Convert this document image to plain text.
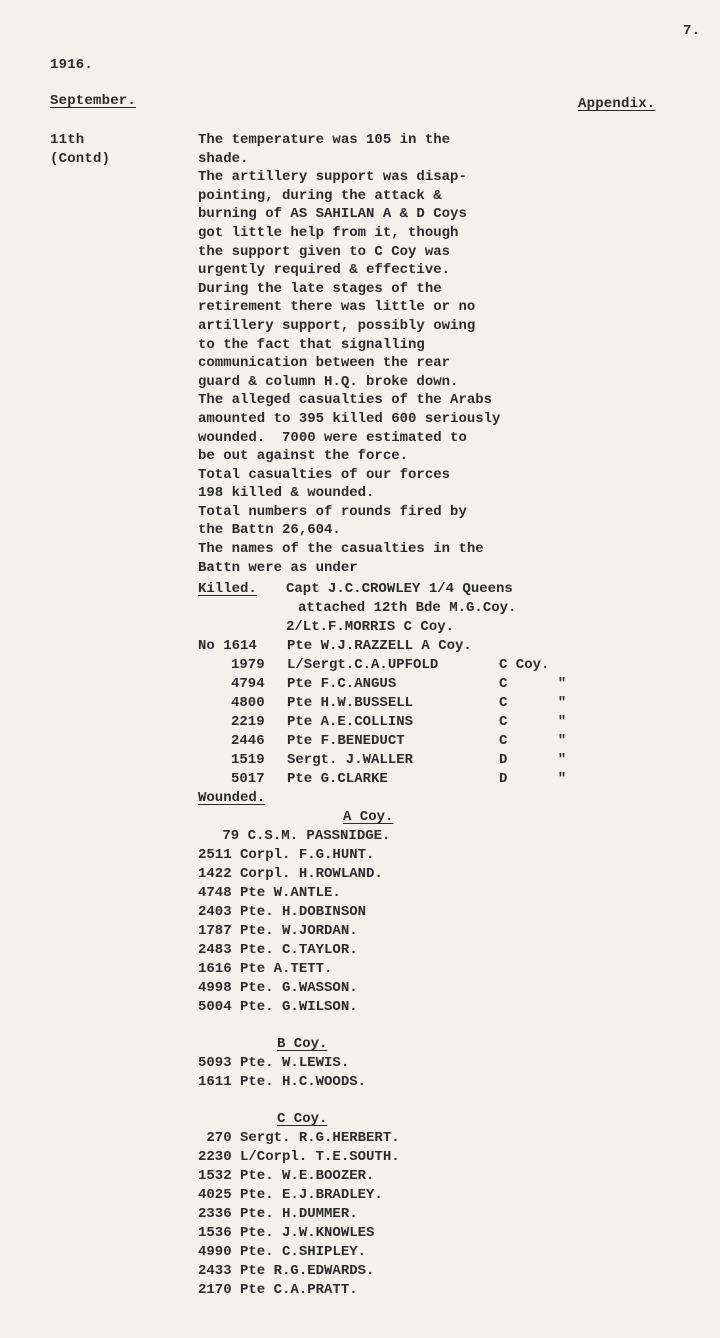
7.
1916.
September.	Appendix.
11th
(Contd)
The temperature was 105 in the
shade.
The artillery support was disap-
pointing, during the attack &
burning of AS SAHILAN A & D Coys
got little help from it, though
the support given to C Coy was
urgently required & effective.
During the late stages of the
retirement there was little or no
artillery support, possibly owing
to the fact that signalling
communication between the rear
guard & column H.Q. broke down.
The alleged casualties of the Arabs
amounted to 395 killed 600 seriously
wounded.  7000 were estimated to
be out against the force.
Total casualties of our forces
198 killed & wounded.
Total numbers of rounds fired by
the Battn 26,604.
The names of the casualties in the
Battn were as under
Killed. Capt J.C.CROWLEY 1/4 Queens
attached 12th Bde M.G.Coy.
2/Lt.F.MORRIS C Coy.
No 1614 Pte W.J.RAZZELL A Coy.
1979 L/Sergt.C.A.UPFOLD	C Coy.
4794 Pte F.C.ANGUS	C      "
4800 Pte H.W.BUSSELL	C      "
2219 Pte A.E.COLLINS	C      "
2446 Pte F.BENEDUCT	C      "
1519 Sergt. J.WALLER	D      "
5017 Pte G.CLARKE	D      "
Wounded.
A Coy.
79 C.S.M. PASSNIDGE.
2511 Corpl. F.G.HUNT.
1422 Corpl. H.ROWLAND.
4748 Pte W.ANTLE.
2403 Pte. H.DOBINSON
1787 Pte. W.JORDAN.
2483 Pte. C.TAYLOR.
1616 Pte A.TETT.
4998 Pte. G.WASSON.
5004 Pte. G.WILSON.
B Coy.
5093 Pte. W.LEWIS.
1611 Pte. H.C.WOODS.
C Coy.
270 Sergt. R.G.HERBERT.
2230 L/Corpl. T.E.SOUTH.
1532 Pte. W.E.BOOZER.
4025 Pte. E.J.BRADLEY.
2336 Pte. H.DUMMER.
1536 Pte. J.W.KNOWLES
4990 Pte. C.SHIPLEY.
2433 Pte R.G.EDWARDS.
2170 Pte C.A.PRATT.
